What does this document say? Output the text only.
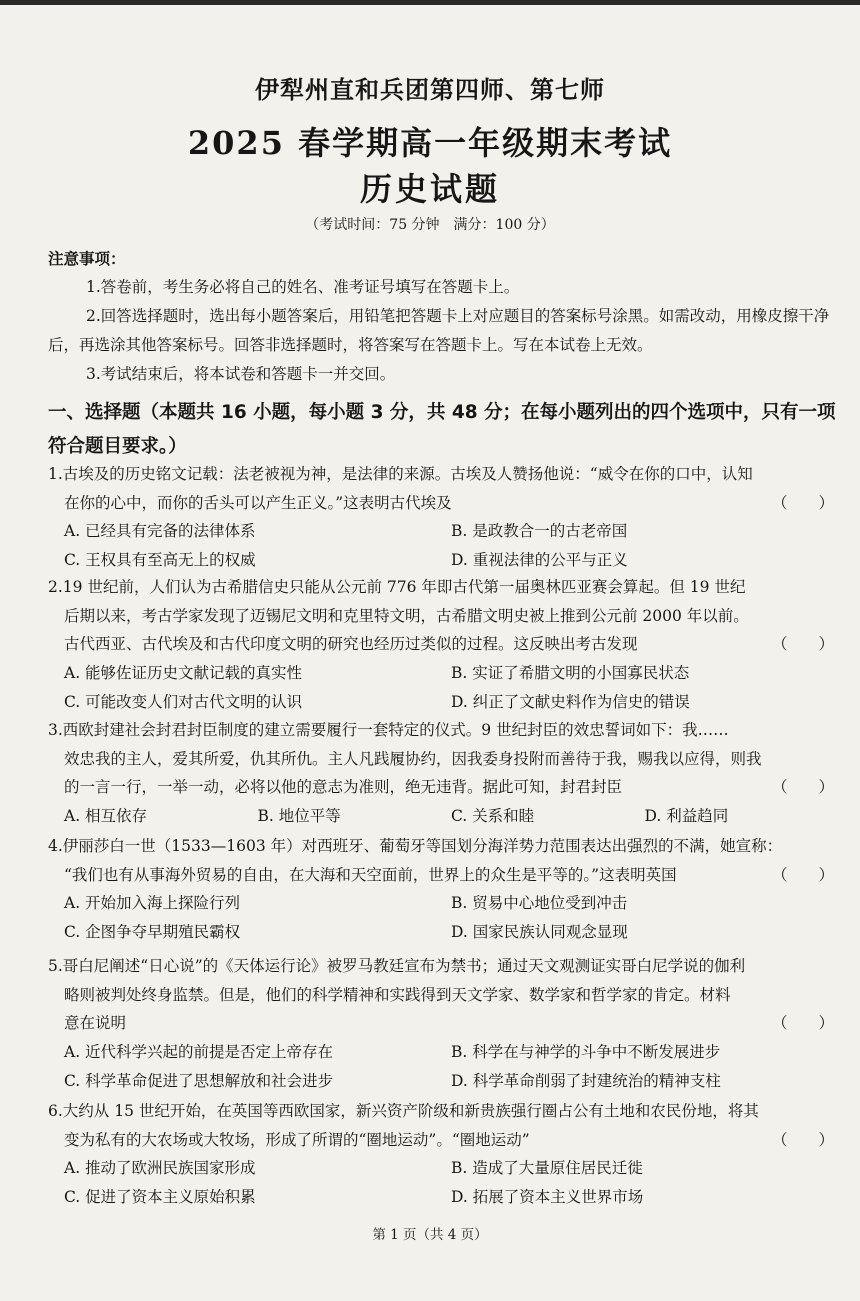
伊犁州直和兵团第四师、第七师
2025 春学期高一年级期末考试
历史试题
（考试时间：75 分钟　满分：100 分）
注意事项：
1.答卷前，考生务必将自己的姓名、准考证号填写在答题卡上。
2.回答选择题时，选出每小题答案后，用铅笔把答题卡上对应题目的答案标号涂黑。如需改动，用橡皮擦干净后，再选涂其他答案标号。回答非选择题时，将答案写在答题卡上。写在本试卷上无效。
3.考试结束后，将本试卷和答题卡一并交回。
一、选择题（本题共 16 小题，每小题 3 分，共 48 分；在每小题列出的四个选项中，只有一项符合题目要求。）
1.古埃及的历史铭文记载：法老被视为神，是法律的来源。古埃及人赞扬他说：“威令在你的口中，认知
在你的心中，而你的舌头可以产生正义。”这表明古代埃及	（　　）
A. 已经具有完备的法律体系	B. 是政教合一的古老帝国
C. 王权具有至高无上的权威	D. 重视法律的公平与正义
2.19 世纪前，人们认为古希腊信史只能从公元前 776 年即古代第一届奥林匹亚赛会算起。但 19 世纪
后期以来，考古学家发现了迈锡尼文明和克里特文明，古希腊文明史被上推到公元前 2000 年以前。
古代西亚、古代埃及和古代印度文明的研究也经历过类似的过程。这反映出考古发现	（　　）
A. 能够佐证历史文献记载的真实性	B. 实证了希腊文明的小国寡民状态
C. 可能改变人们对古代文明的认识	D. 纠正了文献史料作为信史的错误
3.西欧封建社会封君封臣制度的建立需要履行一套特定的仪式。9 世纪封臣的效忠誓词如下：我……
效忠我的主人，爱其所爱，仇其所仇。主人凡践履协约，因我委身投附而善待于我，赐我以应得，则我
的一言一行，一举一动，必将以他的意志为准则，绝无违背。据此可知，封君封臣	（　　）
A. 相互依存	B. 地位平等	C. 关系和睦	D. 利益趋同
4.伊丽莎白一世（1533—1603 年）对西班牙、葡萄牙等国划分海洋势力范围表达出强烈的不满，她宣称：
“我们也有从事海外贸易的自由，在大海和天空面前，世界上的众生是平等的。”这表明英国	（　　）
A. 开始加入海上探险行列	B. 贸易中心地位受到冲击
C. 企图争夺早期殖民霸权	D. 国家民族认同观念显现
5.哥白尼阐述“日心说”的《天体运行论》被罗马教廷宣布为禁书；通过天文观测证实哥白尼学说的伽利
略则被判处终身监禁。但是，他们的科学精神和实践得到天文学家、数学家和哲学家的肯定。材料
意在说明	（　　）
A. 近代科学兴起的前提是否定上帝存在	B. 科学在与神学的斗争中不断发展进步
C. 科学革命促进了思想解放和社会进步	D. 科学革命削弱了封建统治的精神支柱
6.大约从 15 世纪开始，在英国等西欧国家，新兴资产阶级和新贵族强行圈占公有土地和农民份地，将其
变为私有的大农场或大牧场，形成了所谓的“圈地运动”。“圈地运动”	（　　）
A. 推动了欧洲民族国家形成	B. 造成了大量原住居民迁徙
C. 促进了资本主义原始积累	D. 拓展了资本主义世界市场
第 1 页（共 4 页）
